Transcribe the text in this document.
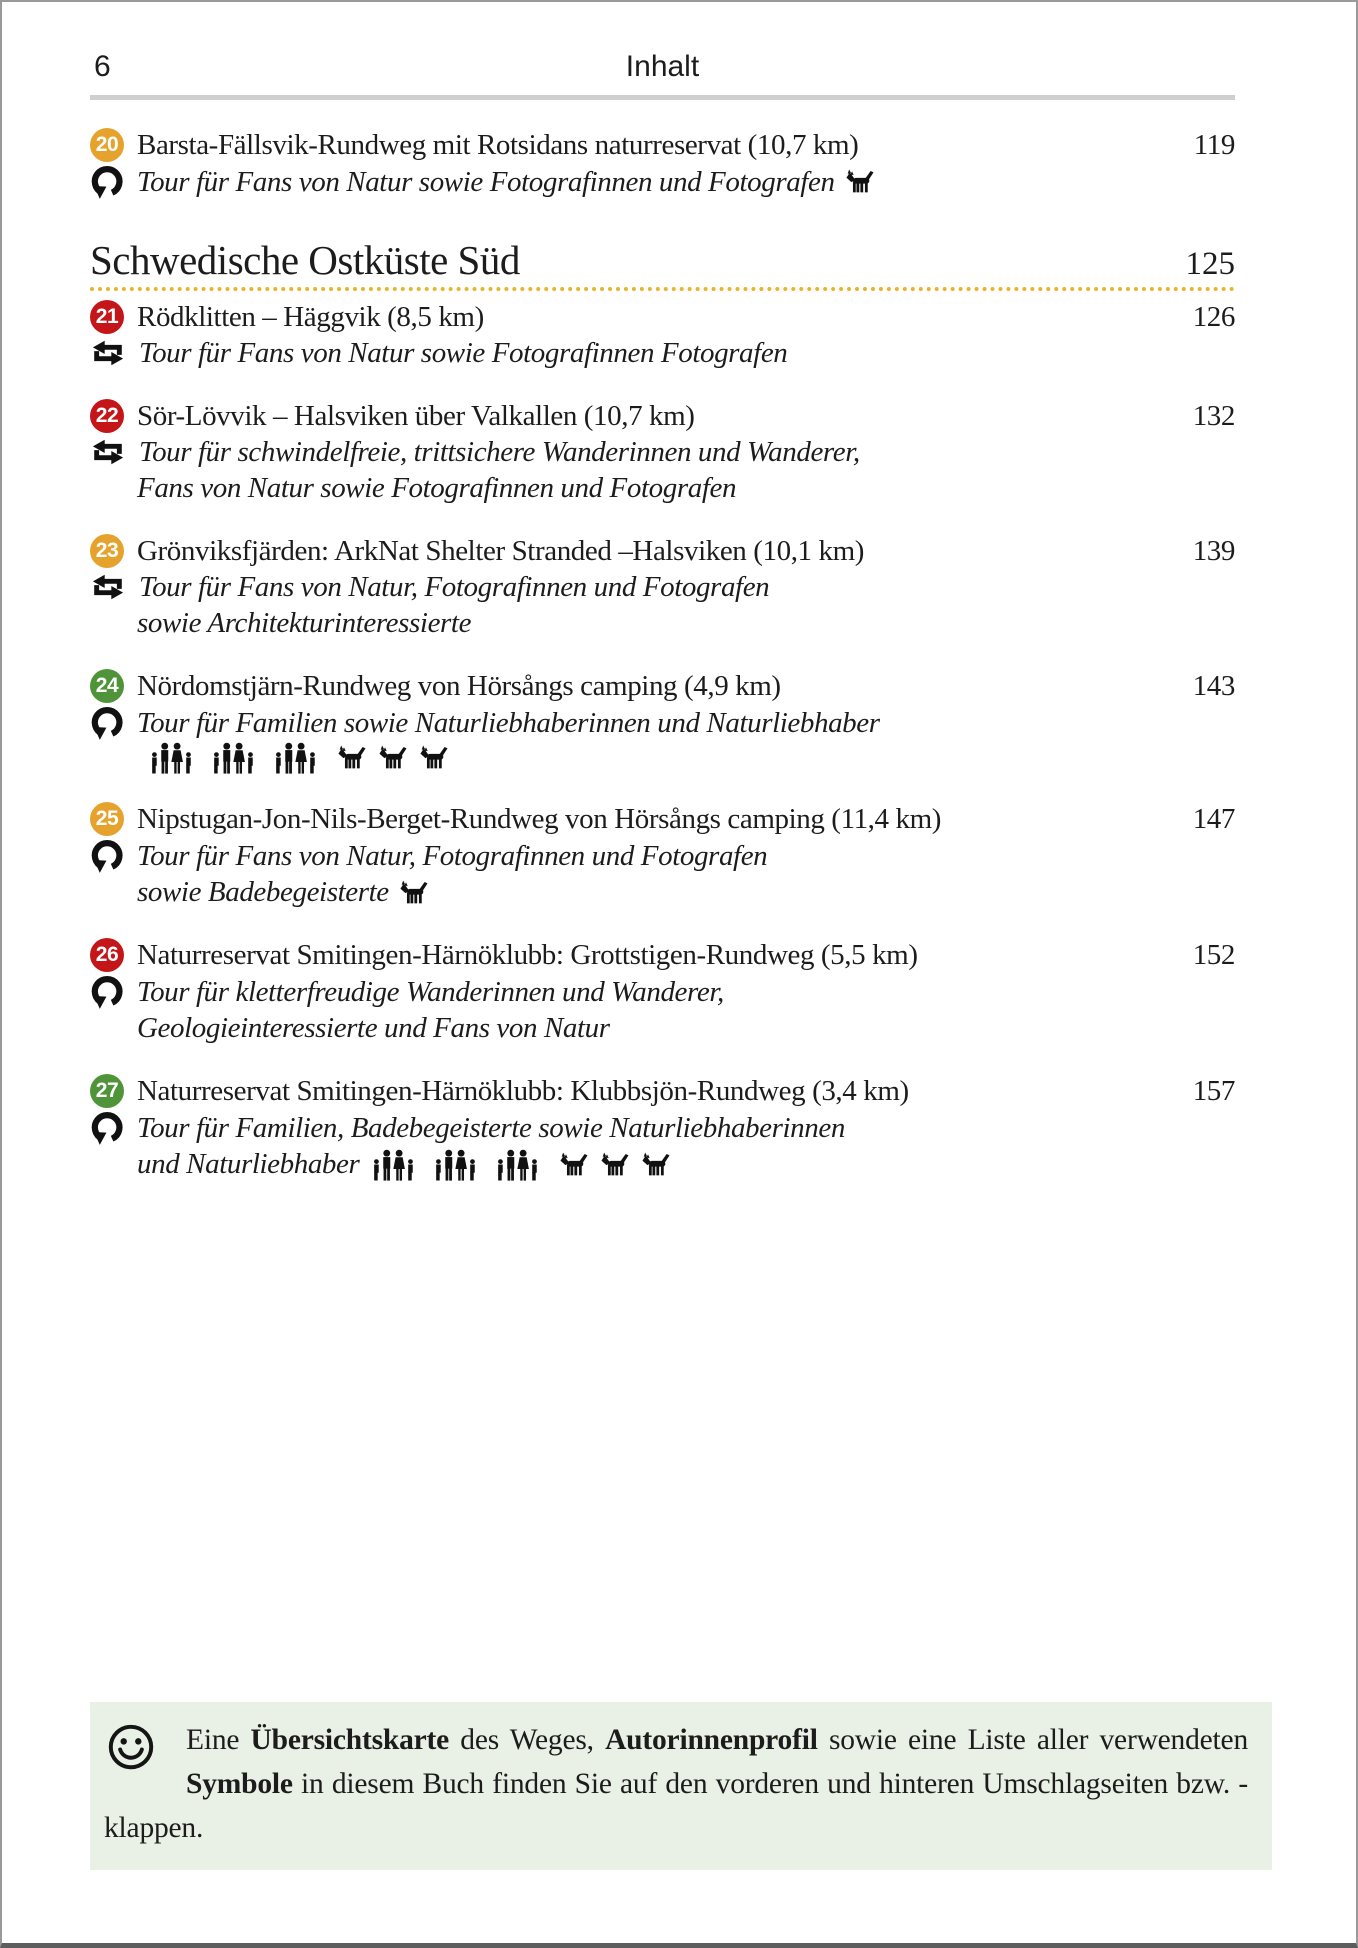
6	Inhalt
20 Barsta-Fällsvik-Rundweg mit Rotsidans naturreservat (10,7 km)	119
Tour für Fans von Natur sowie Fotografinnen und Fotografen
Schwedische Ostküste Süd	125
21 Rödklitten – Häggvik (8,5 km)	126
Tour für Fans von Natur sowie Fotografinnen Fotografen
22 Sör-Lövvik – Halsviken über Valkallen (10,7 km)	132
Tour für schwindelfreie, trittsichere Wanderinnen und Wanderer,
Fans von Natur sowie Fotografinnen und Fotografen
23 Grönviksfjärden: ArkNat Shelter Stranded –Halsviken (10,1 km)	139
Tour für Fans von Natur, Fotografinnen und Fotografen
sowie Architekturinteressierte
24 Nördomstjärn-Rundweg von Hörsångs camping (4,9 km)	143
Tour für Familien sowie Naturliebhaberinnen und Naturliebhaber
25 Nipstugan-Jon-Nils-Berget-Rundweg von Hörsångs camping (11,4 km)	147
Tour für Fans von Natur, Fotografinnen und Fotografen
sowie Badebegeisterte
26 Naturreservat Smitingen-Härnöklubb: Grottstigen-Rundweg (5,5 km)	152
Tour für kletterfreudige Wanderinnen und Wanderer,
Geologieinteressierte und Fans von Natur
27 Naturreservat Smitingen-Härnöklubb: Klubbsjön-Rundweg (3,4 km)	157
Tour für Familien, Badebegeisterte sowie Naturliebhaberinnen
und Naturliebhaber
Eine Übersichtskarte des Weges, Autorinnenprofil sowie eine Liste aller verwendeten Symbole in diesem Buch finden Sie auf den vorderen und hinteren Umschlagseiten bzw. -klappen.
